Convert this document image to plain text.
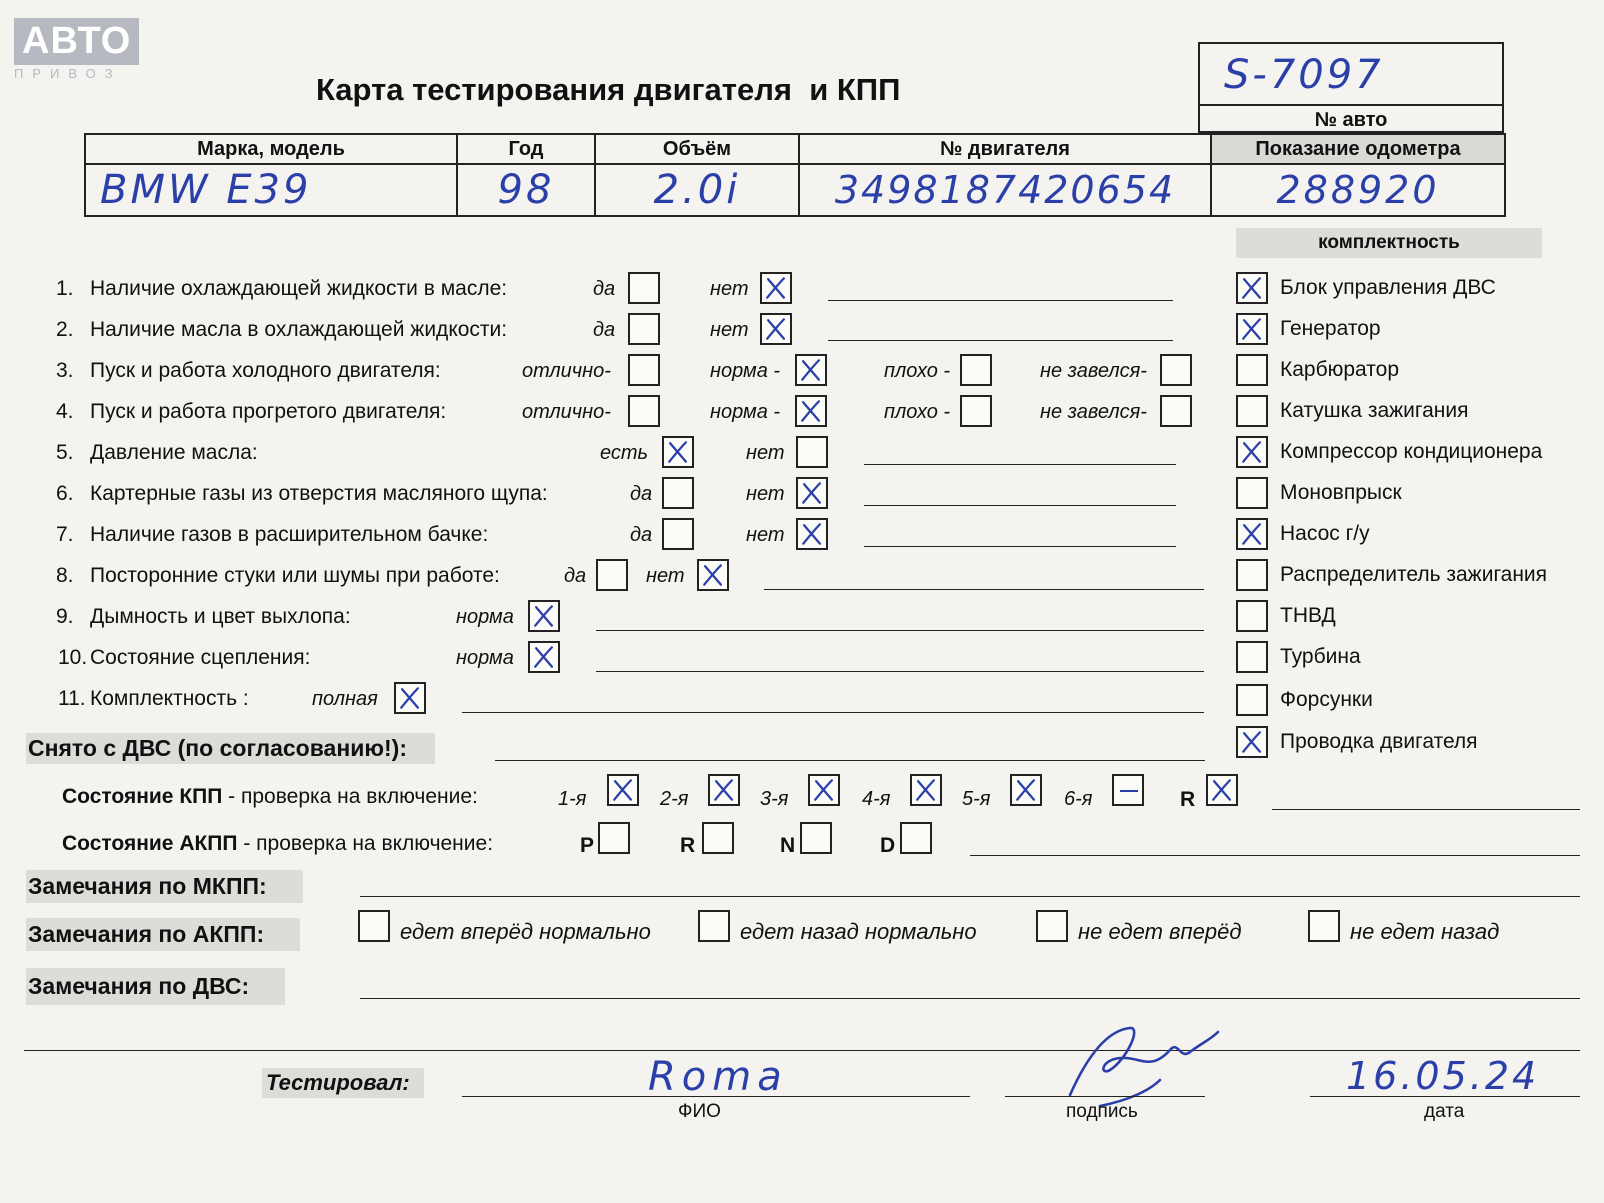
АВТО
ПРИВОЗ	Карта тестирования двигателя  и КПП	S-7097
№ авто
Марка, модель	Год	Объём	№ двигателя	Показание одометра
BMW E39	98	2.0i	3498187420654	288920
комплектность
1. Наличие охлаждающей жидкости в масле:	да	нет
2. Наличие масла в охлаждающей жидкости:	да	нет
3. Пуск и работа холодного двигателя:	отлично-	норма -	плохо -	не завелся-
4. Пуск и работа прогретого двигателя:	отлично-	норма -	плохо -	не завелся-
5. Давление масла:	есть	нет
6. Картерные газы из отверстия масляного щупа:	да	нет
7. Наличие газов в расширительном бачке:	да	нет
8. Посторонние стуки или шумы при работе:	да	нет
9. Дымность и цвет выхлопа:	норма
10. Состояние сцепления:	норма
11. Комплектность :	полная
Блок управления ДВС
Генератор
Карбюратор
Катушка зажигания
Компрессор кондиционера
Моновпрыск
Насос г/у
Распределитель зажигания
ТНВД
Турбина
Форсунки
Проводка двигателя
Снято с ДВС (по согласованию!):
Состояние КПП - проверка на включение:	1-я	2-я	3-я	4-я	5-я	6-я	R
Состояние АКПП - проверка на включение:	P	R	N	D
Замечания по МКПП:
Замечания по АКПП:	едет вперёд нормально	едет назад нормально	не едет вперёд	не едет назад
Замечания по ДВС:
Тестировал:	Roma
ФИО	подпись
16.05.24
дата
